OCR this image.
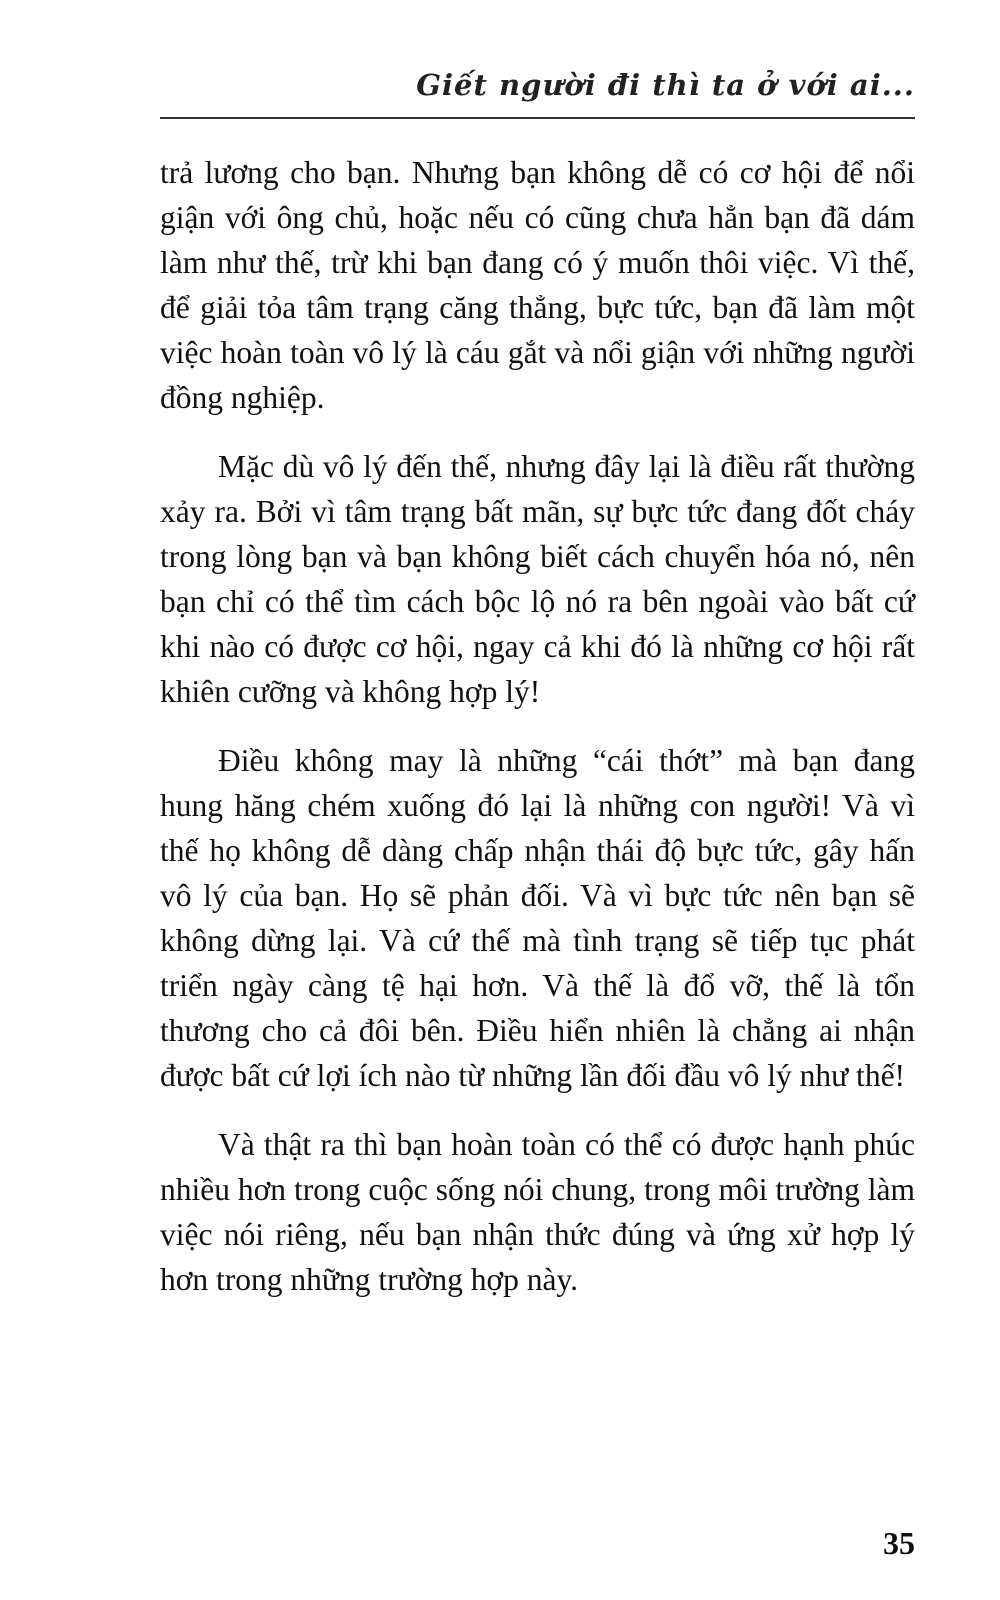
Giết người đi thì ta ở với ai...

trả lương cho bạn. Nhưng bạn không dễ có cơ hội để nổi giận với ông chủ, hoặc nếu có cũng chưa hẳn bạn đã dám làm như thế, trừ khi bạn đang có ý muốn thôi việc. Vì thế, để giải tỏa tâm trạng căng thẳng, bực tức, bạn đã làm một việc hoàn toàn vô lý là cáu gắt và nổi giận với những người đồng nghiệp.

Mặc dù vô lý đến thế, nhưng đây lại là điều rất thường xảy ra. Bởi vì tâm trạng bất mãn, sự bực tức đang đốt cháy trong lòng bạn và bạn không biết cách chuyển hóa nó, nên bạn chỉ có thể tìm cách bộc lộ nó ra bên ngoài vào bất cứ khi nào có được cơ hội, ngay cả khi đó là những cơ hội rất khiên cưỡng và không hợp lý!

Điều không may là những “cái thớt” mà bạn đang hung hăng chém xuống đó lại là những con người! Và vì thế họ không dễ dàng chấp nhận thái độ bực tức, gây hấn vô lý của bạn. Họ sẽ phản đối. Và vì bực tức nên bạn sẽ không dừng lại. Và cứ thế mà tình trạng sẽ tiếp tục phát triển ngày càng tệ hại hơn. Và thế là đổ vỡ, thế là tổn thương cho cả đôi bên. Điều hiển nhiên là chẳng ai nhận được bất cứ lợi ích nào từ những lần đối đầu vô lý như thế!

Và thật ra thì bạn hoàn toàn có thể có được hạnh phúc nhiều hơn trong cuộc sống nói chung, trong môi trường làm việc nói riêng, nếu bạn nhận thức đúng và ứng xử hợp lý hơn trong những trường hợp này.

35
